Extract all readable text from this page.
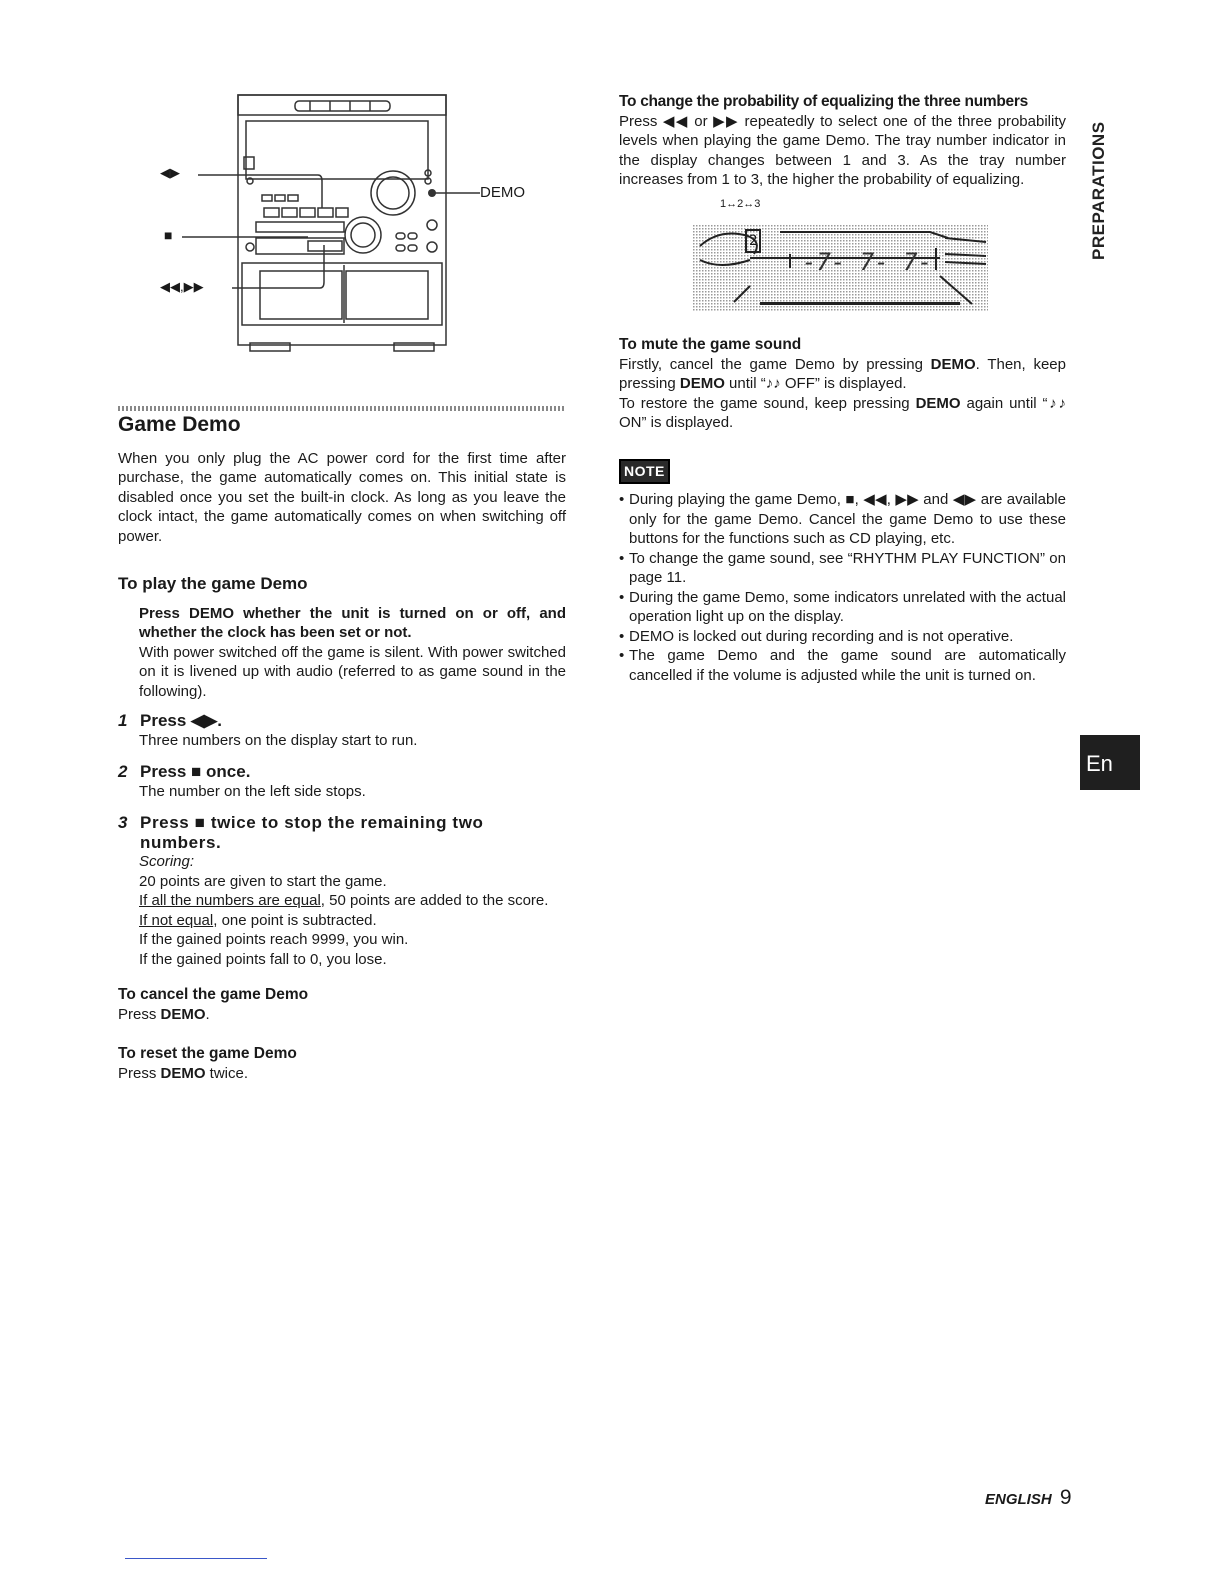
◀▶
■
◀◀,▶▶
DEMO
Game Demo
When you only plug the AC power cord for the first time after purchase, the game automatically comes on. This initial state is disabled once you set the built-in clock. As long as you leave the clock intact, the game automatically comes on when switching off power.
To play the game Demo
Press DEMO whether the unit is turned on or off, and whether the clock has been set or not.
With power switched off the game is silent. With power switched on it is livened up with audio (referred to as game sound in the following).
1 Press ◀▶.
Three numbers on the display start to run.
2 Press ■ once.
The number on the left side stops.
3 Press ■ twice to stop the remaining two numbers.
Scoring:
20 points are given to start the game.
If all the numbers are equal, 50 points are added to the score.
If not equal, one point is subtracted.
If the gained points reach 9999, you win.
If the gained points fall to 0, you lose.
To cancel the game Demo
Press DEMO.
To reset the game Demo
Press DEMO twice.
To change the probability of equalizing the three numbers
Press ◀◀ or ▶▶ repeatedly to select one of the three probability levels when playing the game Demo. The tray number indicator in the display changes between 1 and 3. As the tray number increases from 1 to 3, the higher the probability of equalizing.
1↔2↔3
-7- 7- 7-
2
To mute the game sound
Firstly, cancel the game Demo by pressing DEMO. Then, keep pressing DEMO until “♪♪ OFF” is displayed.
To restore the game sound, keep pressing DEMO again until “♪♪ ON” is displayed.
NOTE
• During playing the game Demo, ■, ◀◀, ▶▶ and ◀▶ are available only for the game Demo. Cancel the game Demo to use these buttons for the functions such as CD playing, etc.
• To change the game sound, see “RHYTHM PLAY FUNCTION” on page 11.
• During the game Demo, some indicators unrelated with the actual operation light up on the display.
• DEMO is locked out during recording and is not operative.
• The game Demo and the game sound are automatically cancelled if the volume is adjusted while the unit is turned on.
PREPARATIONS
En
ENGLISH 9
